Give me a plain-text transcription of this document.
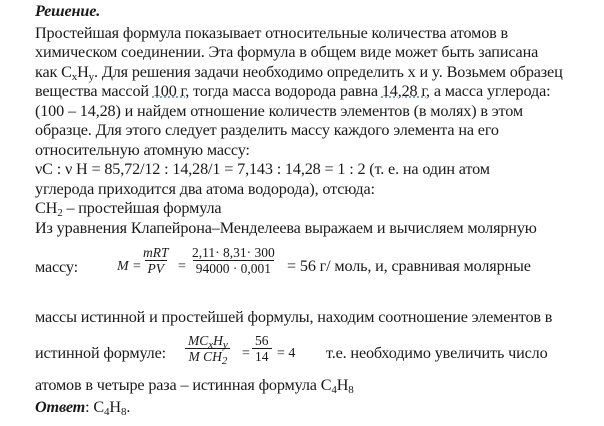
Решение.
Простейшая формула показывает относительные количества атомов в
химическом соединении. Эта формула в общем виде может быть записана
как $C_xH_y$. Для решения задачи необходимо определить x и y. Возьмем образец
вещества массой 100 г, тогда масса водорода равна 14,28 г, а масса углерода:
(100 – 14,28) и найдем отношение количеств элементов (в молях) в этом
образце. Для этого следует разделить массу каждого элемента на его
относительную атомную массу:
νС : ν Н = 85,72/12 : 14,28/1 = 7,143 : 14,28 = 1 : 2 (т. е. на один атом
углерода приходится два атома водорода), отсюда:
$CH_2$ – простейшая формула
Из уравнения Клапейрона–Менделеева выражаем и вычисляем молярную
массу:	M =
mRT
PV = $\frac{2,11\cdot 8,31\cdot 300}{94000 \cdot 0,001} = 56$ г/ моль, и, сравнивая молярные
массы истинной и простейшей формулы, находим соотношение элементов в
истинной формуле:
$MC_xH_y$
M $CH_2 = \frac{56}{14} = 4$ т.е. необходимо увеличить число
атомов в четыре раза – истинная формула $C_4H_8$
Ответ: $C_4H_8$.
